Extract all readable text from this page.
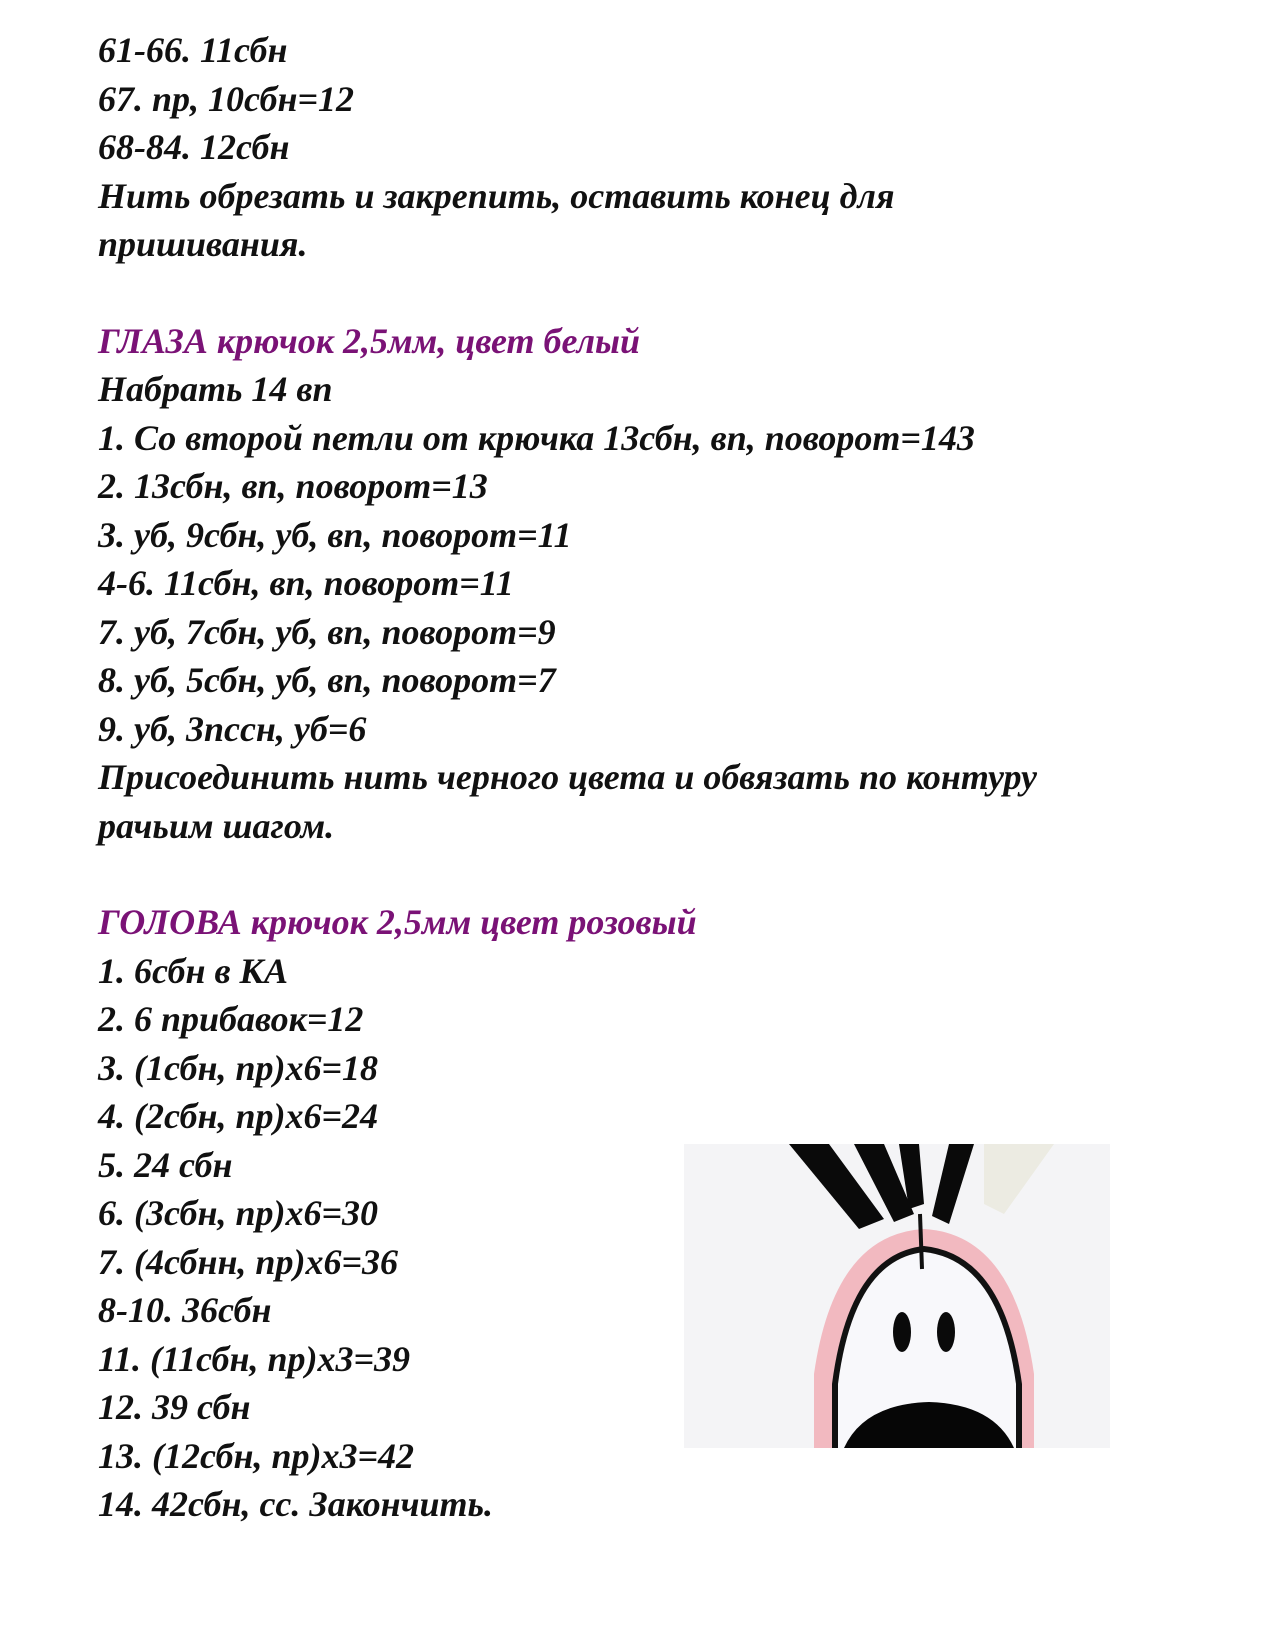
61-66. 11сбн
67. пр, 10сбн=12
68-84. 12сбн
Нить обрезать и закрепить, оставить конец для
пришивания.
ГЛАЗА крючок 2,5мм, цвет белый
Набрать 14 вп
1. Со второй петли от крючка 13сбн, вп, поворот=143
2. 13сбн, вп, поворот=13
3. уб, 9сбн, уб, вп, поворот=11
4-6. 11сбн, вп, поворот=11
7. уб, 7сбн, уб, вп, поворот=9
8. уб, 5сбн, уб, вп, поворот=7
9. уб, 3пссн, уб=6
Присоединить нить черного цвета и обвязать по контуру
рачьим шагом.
ГОЛОВА крючок 2,5мм цвет розовый
1. 6сбн в КА
2. 6 прибавок=12
3. (1сбн, пр)х6=18
4. (2сбн, пр)х6=24
5. 24 сбн
6. (3сбн, пр)х6=30
7. (4сбнн, пр)х6=36
8-10. 36сбн
11. (11сбн, пр)х3=39
12. 39 сбн
13. (12сбн, пр)х3=42
14. 42сбн, сс. Закончить.
